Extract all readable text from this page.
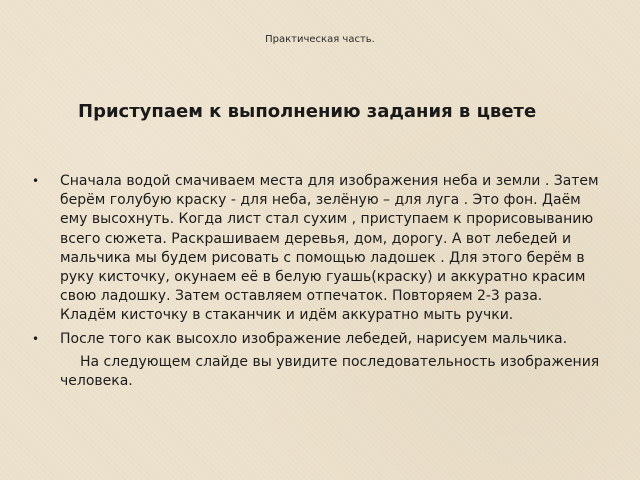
Практическая часть.
Приступаем к выполнению задания в цвете
• Сначала водой смачиваем места для изображения неба и земли . Затем берём голубую краску - для неба, зелёную – для луга . Это фон. Даём ему высохнуть. Когда лист стал сухим , приступаем к прорисовыванию всего сюжета. Раскрашиваем деревья, дом, дорогу. А вот лебедей и мальчика мы будем рисовать с помощью ладошек . Для этого берём в руку кисточку, окунаем её в белую гуашь(краску) и аккуратно красим свою ладошку. Затем оставляем отпечаток. Повторяем 2-3 раза. Кладём кисточку в стаканчик и идём аккуратно мыть ручки.
• После того как высохло изображение лебедей, нарисуем мальчика.
На следующем слайде вы увидите последовательность изображения человека.
